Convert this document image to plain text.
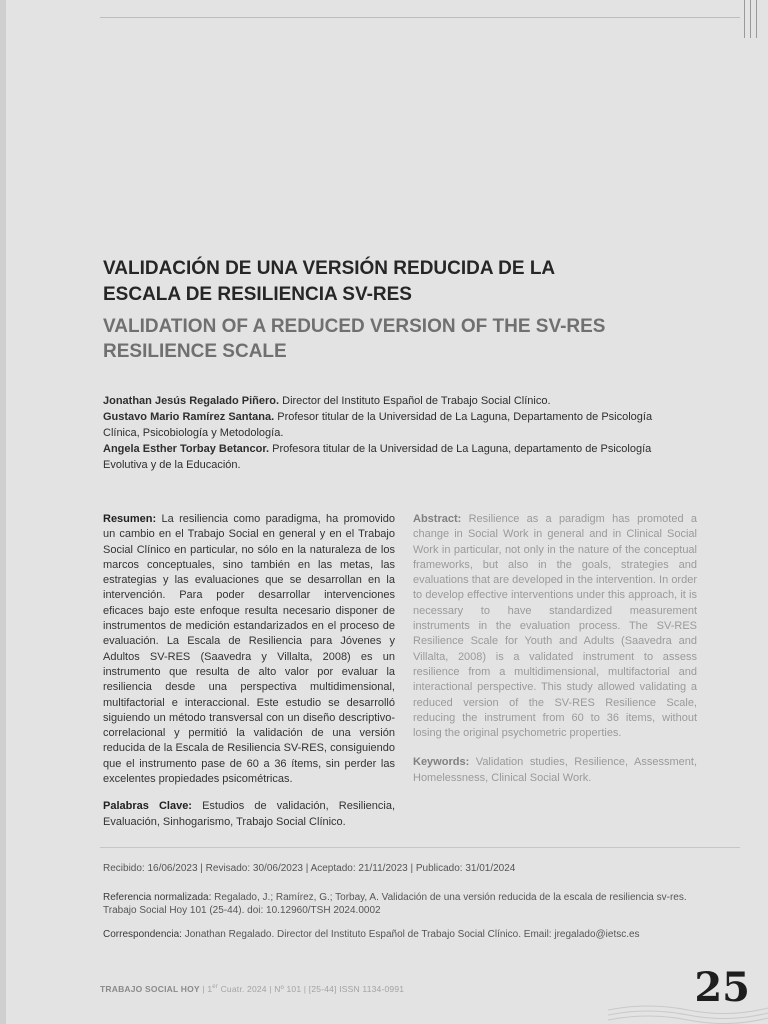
VALIDACIÓN DE UNA VERSIÓN REDUCIDA DE LA ESCALA DE RESILIENCIA SV-RES
VALIDATION OF A REDUCED VERSION OF THE SV-RES RESILIENCE SCALE

Jonathan Jesús Regalado Piñero. Director del Instituto Español de Trabajo Social Clínico.

Gustavo Mario Ramírez Santana. Profesor titular de la Universidad de La Laguna, Departamento de Psicología Clínica, Psicobiología y Metodología.

Angela Esther Torbay Betancor. Profesora titular de la Universidad de La Laguna, departamento de Psicología Evolutiva y de la Educación.

Resumen: La resiliencia como paradigma, ha promovido un cambio en el Trabajo Social en general y en el Trabajo Social Clínico en particular, no sólo en la naturaleza de los marcos conceptuales, sino también en las metas, las estrategias y las evaluaciones que se desarrollan en la intervención. Para poder desarrollar intervenciones eficaces bajo este enfoque resulta necesario disponer de instrumentos de medición estandarizados en el proceso de evaluación. La Escala de Resiliencia para Jóvenes y Adultos SV-RES (Saavedra y Villalta, 2008) es un instrumento que resulta de alto valor por evaluar la resiliencia desde una perspectiva multidimensional, multifactorial e interaccional. Este estudio se desarrolló siguiendo un método transversal con un diseño descriptivo-correlacional y permitió la validación de una versión reducida de la Escala de Resiliencia SV-RES, consiguiendo que el instrumento pase de 60 a 36 ítems, sin perder las excelentes propiedades psicométricas.

Palabras Clave: Estudios de validación, Resiliencia, Evaluación, Sinhogarismo, Trabajo Social Clínico.

Abstract: Resilience as a paradigm has promoted a change in Social Work in general and in Clinical Social Work in particular, not only in the nature of the conceptual frameworks, but also in the goals, strategies and evaluations that are developed in the intervention. In order to develop effective interventions under this approach, it is necessary to have standardized measurement instruments in the evaluation process. The SV-RES Resilience Scale for Youth and Adults (Saavedra and Villalta, 2008) is a validated instrument to assess resilience from a multidimensional, multifactorial and interactional perspective. This study allowed validating a reduced version of the SV-RES Resilience Scale, reducing the instrument from 60 to 36 items, without losing the original psychometric properties.

Keywords: Validation studies, Resilience, Assessment, Homelessness, Clinical Social Work.

Recibido: 16/06/2023 | Revisado: 30/06/2023 | Aceptado: 21/11/2023 | Publicado: 31/01/2024

Referencia normalizada: Regalado, J.; Ramírez, G.; Torbay, A. Validación de una versión reducida de la escala de resiliencia sv-res. Trabajo Social Hoy 101 (25-44). doi: 10.12960/TSH 2024.0002

Correspondencia: Jonathan Regalado. Director del Instituto Español de Trabajo Social Clínico. Email: jregalado@ietsc.es

TRABAJO SOCIAL HOY | 1er Cuatr. 2024 | Nº 101 | [25-44] ISSN 1134-0991	25
